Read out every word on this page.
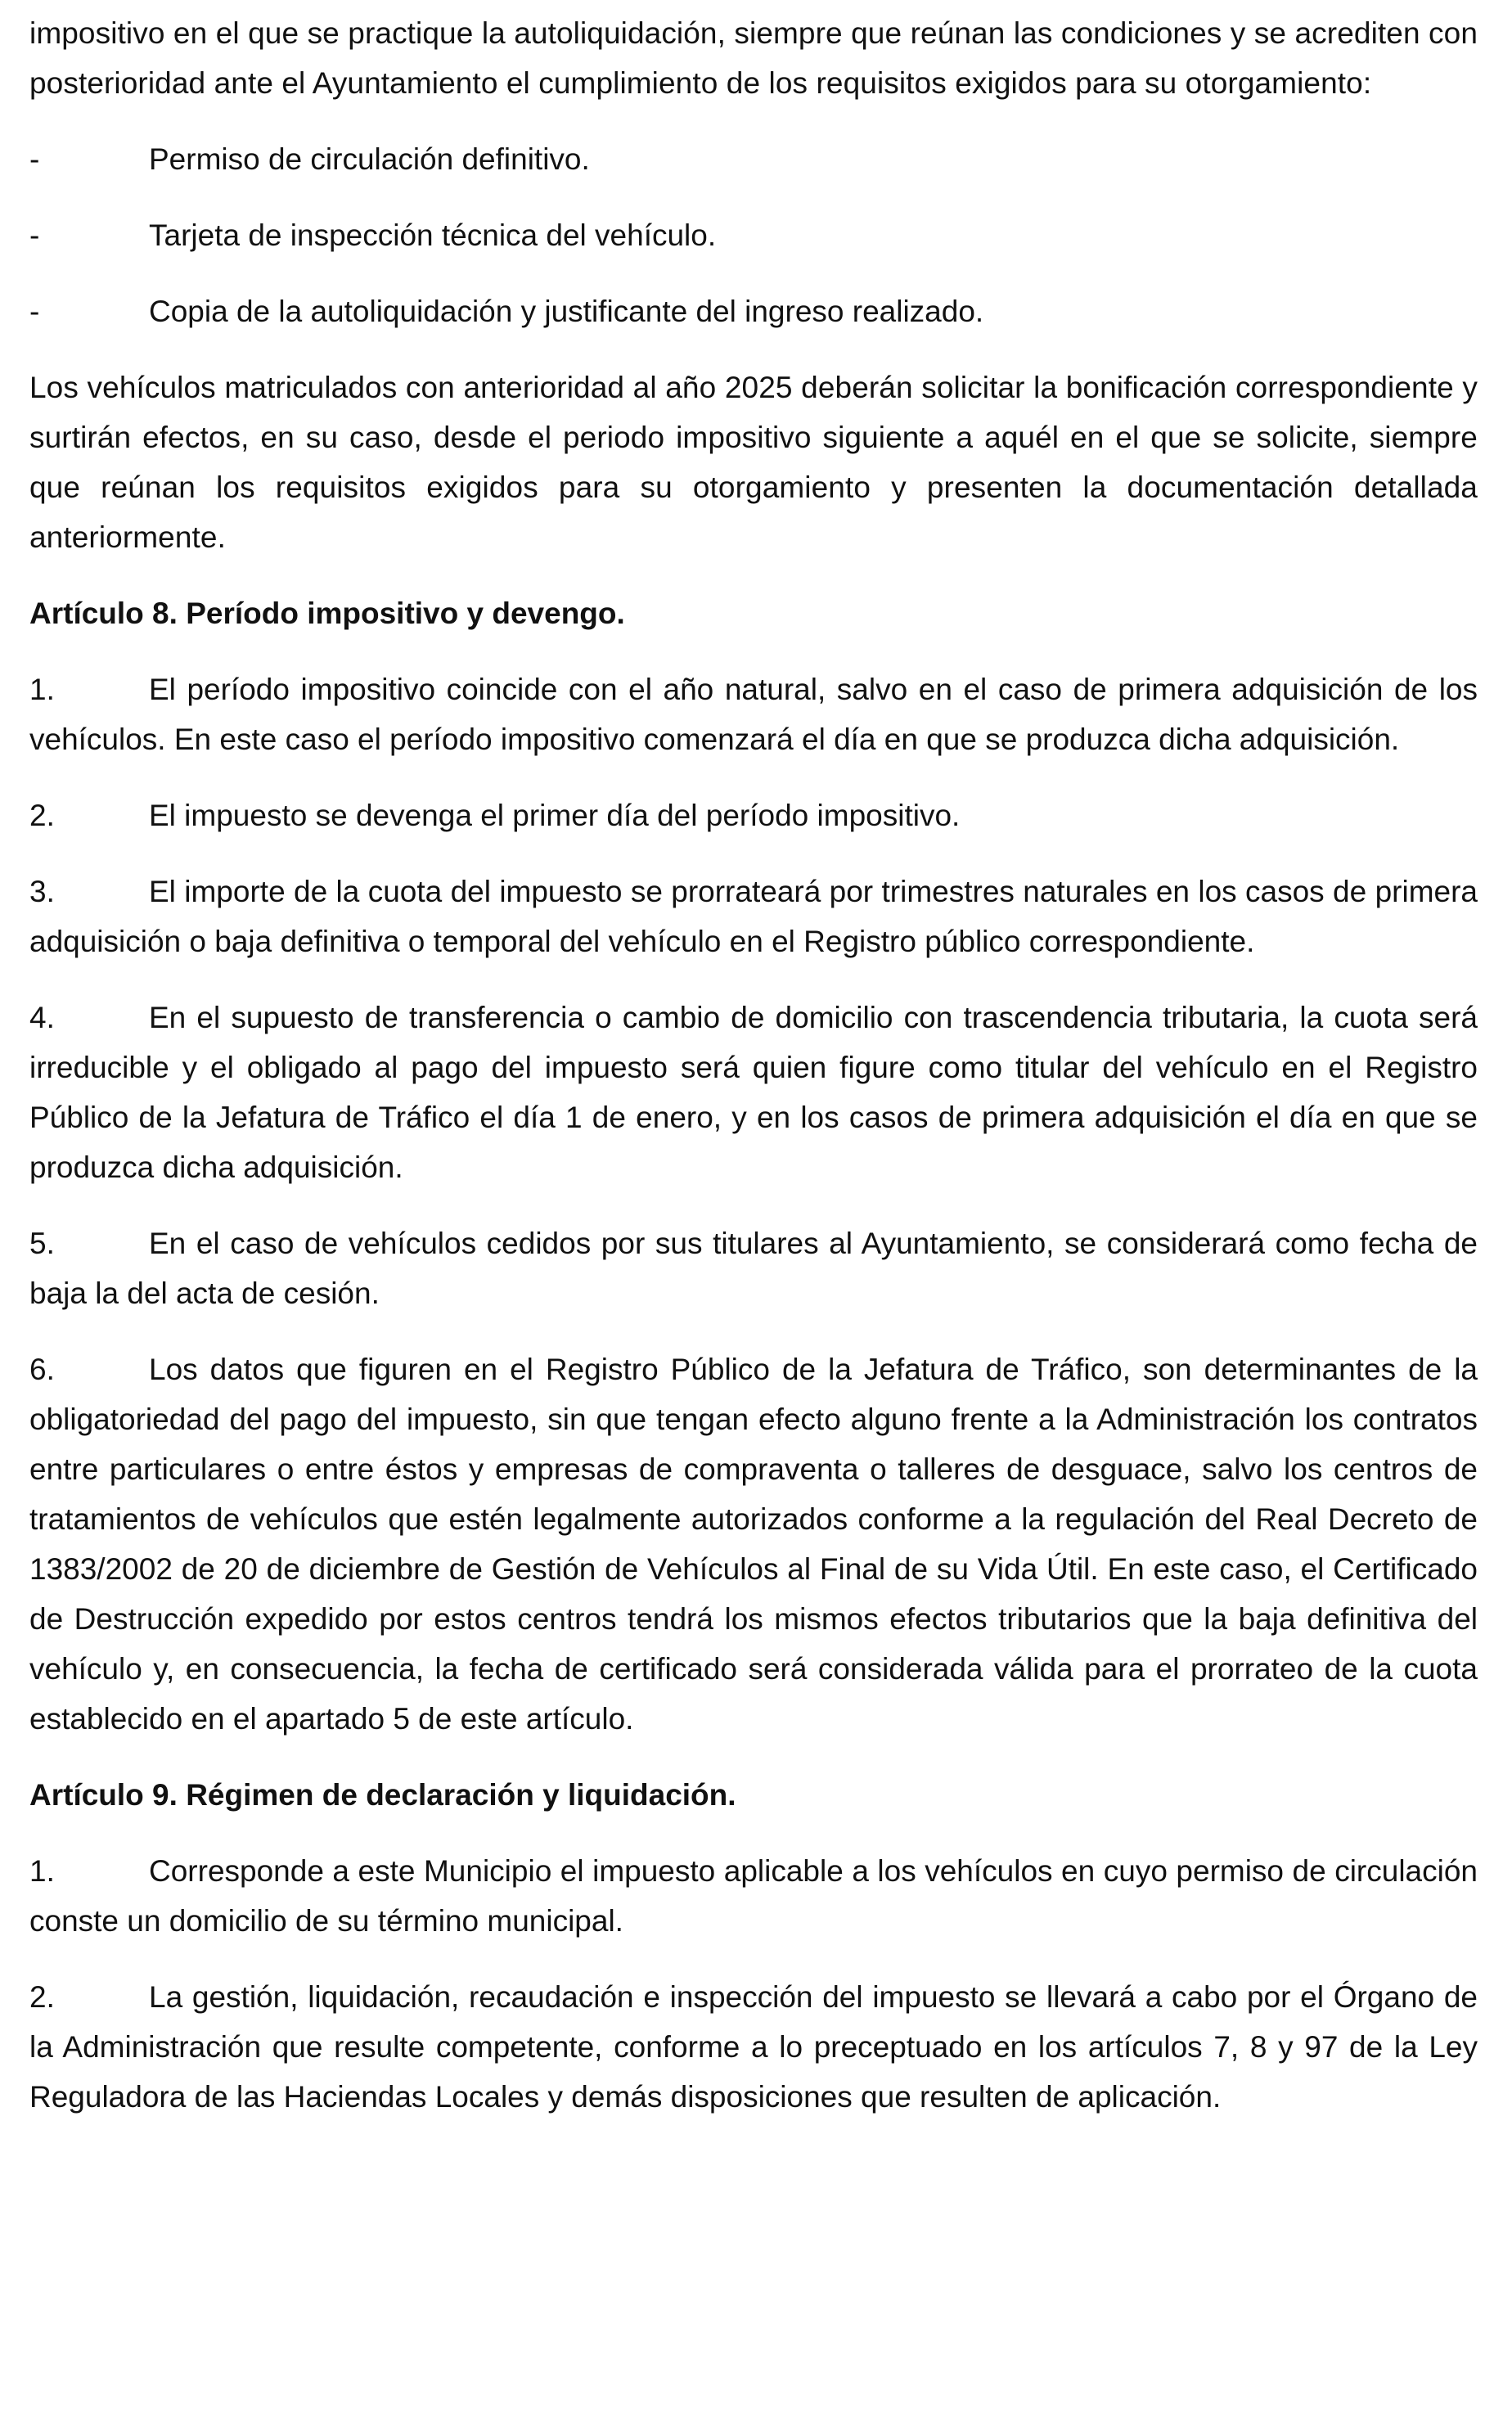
impositivo en el que se practique la autoliquidación, siempre que reúnan las condiciones y se acrediten con posterioridad ante el Ayuntamiento el cumplimiento de los requisitos exigidos para su otorgamiento:

-	Permiso de circulación definitivo.
-	Tarjeta de inspección técnica del vehículo.
-	Copia de la autoliquidación y justificante del ingreso realizado.

Los vehículos matriculados con anterioridad al año 2025 deberán solicitar la bonificación correspondiente y surtirán efectos, en su caso, desde el periodo impositivo siguiente a aquél en el que se solicite, siempre que reúnan los requisitos exigidos para su otorgamiento y presenten la documentación detallada anteriormente.

Artículo 8. Período impositivo y devengo.

1.	El período impositivo coincide con el año natural, salvo en el caso de primera adquisición de los vehículos. En este caso el período impositivo comenzará el día en que se produzca dicha adquisición.

2.	El impuesto se devenga el primer día del período impositivo.

3.	El importe de la cuota del impuesto se prorrateará por trimestres naturales en los casos de primera adquisición o baja definitiva o temporal del vehículo en el Registro público correspondiente.

4.	En el supuesto de transferencia o cambio de domicilio con trascendencia tributaria, la cuota será irreducible y el obligado al pago del impuesto será quien figure como titular del vehículo en el Registro Público de la Jefatura de Tráfico el día 1 de enero, y en los casos de primera adquisición el día en que se produzca dicha adquisición.

5.	En el caso de vehículos cedidos por sus titulares al Ayuntamiento, se considerará como fecha de baja la del acta de cesión.

6.	Los datos que figuren en el Registro Público de la Jefatura de Tráfico, son determinantes de la obligatoriedad del pago del impuesto, sin que tengan efecto alguno frente a la Administración los contratos entre particulares o entre éstos y empresas de compraventa o talleres de desguace, salvo los centros de tratamientos de vehículos que estén legalmente autorizados conforme a la regulación del Real Decreto de 1383/2002 de 20 de diciembre de Gestión de Vehículos al Final de su Vida Útil. En este caso, el Certificado de Destrucción expedido por estos centros tendrá los mismos efectos tributarios que la baja definitiva del vehículo y, en consecuencia, la fecha de certificado será considerada válida para el prorrateo de la cuota establecido en el apartado 5 de este artículo.

Artículo 9. Régimen de declaración y liquidación.

1.	Corresponde a este Municipio el impuesto aplicable a los vehículos en cuyo permiso de circulación conste un domicilio de su término municipal.

2.	La gestión, liquidación, recaudación e inspección del impuesto se llevará a cabo por el Órgano de la Administración que resulte competente, conforme a lo preceptuado en los artículos 7, 8 y 97 de la Ley Reguladora de las Haciendas Locales y demás disposiciones que resulten de aplicación.
